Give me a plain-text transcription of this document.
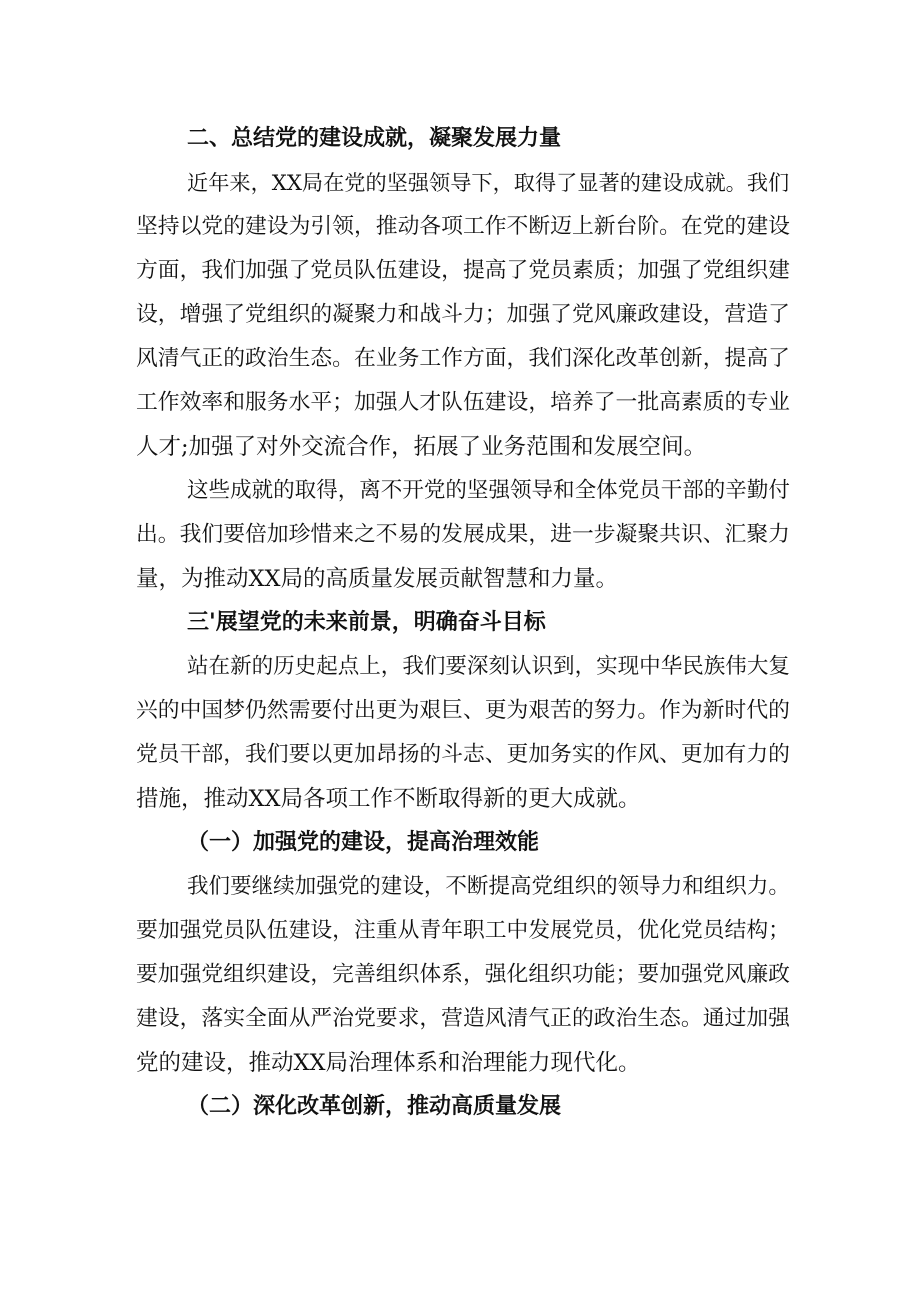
二、总结党的建设成就，凝聚发展力量
近年来，XX局在党的坚强领导下，取得了显著的建设成就。我们
坚持以党的建设为引领，推动各项工作不断迈上新台阶。在党的建设
方面，我们加强了党员队伍建设，提高了党员素质；加强了党组织建
设，增强了党组织的凝聚力和战斗力；加强了党风廉政建设，营造了
风清气正的政治生态。在业务工作方面，我们深化改革创新，提高了
工作效率和服务水平；加强人才队伍建设，培养了一批高素质的专业
人才;加强了对外交流合作，拓展了业务范围和发展空间。
这些成就的取得，离不开党的坚强领导和全体党员干部的辛勤付
出。我们要倍加珍惜来之不易的发展成果，进一步凝聚共识、汇聚力
量，为推动XX局的高质量发展贡献智慧和力量。
三'展望党的未来前景，明确奋斗目标
站在新的历史起点上，我们要深刻认识到，实现中华民族伟大复
兴的中国梦仍然需要付出更为艰巨、更为艰苦的努力。作为新时代的
党员干部，我们要以更加昂扬的斗志、更加务实的作风、更加有力的
措施，推动XX局各项工作不断取得新的更大成就。
（一）加强党的建设，提高治理效能
我们要继续加强党的建设，不断提高党组织的领导力和组织力。
要加强党员队伍建设，注重从青年职工中发展党员，优化党员结构；
要加强党组织建设，完善组织体系，强化组织功能；要加强党风廉政
建设，落实全面从严治党要求，营造风清气正的政治生态。通过加强
党的建设，推动XX局治理体系和治理能力现代化。
（二）深化改革创新，推动高质量发展
